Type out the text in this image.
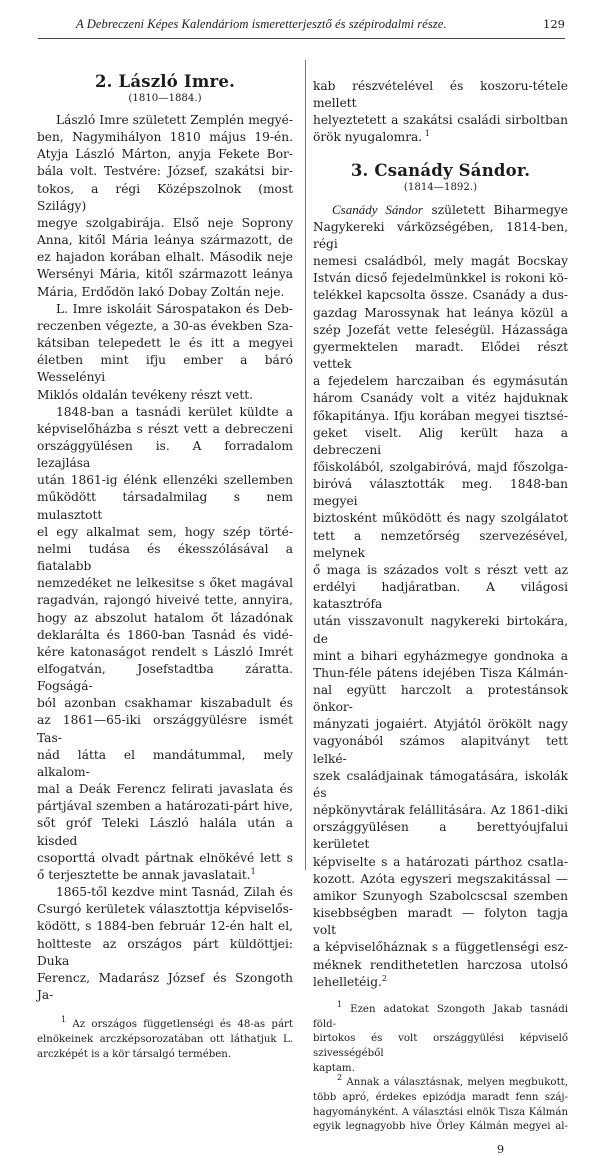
A Debreczeni Képes Kalendáriom ismeretterjesztő és szépirodalmi része.	129
2. László Imre.
(1810—1884.)

László Imre született Zemplén megyé-

ben, Nagymihályon 1810 május 19-én.

Atyja László Márton, anyja Fekete Bor-

bála volt. Testvére: József, szakátsi bir-

tokos, a régi Középszolnok (most Szilágy)

megye szolgabirája. Első neje Soprony

Anna, kitől Mária leánya származott, de

ez hajadon korában elhalt. Második neje

Wersényi Mária, kitől származott leánya

Mária, Erdődön lakó Dobay Zoltán neje.

L. Imre iskoláit Sárospatakon és Deb-

reczenben végezte, a 30-as években Sza-

kátsiban telepedett le és itt a megyei

életben mint ifju ember a báró Wesselényi

Miklós oldalán tevékeny részt vett.

1848-ban a tasnádi kerület küldte a

képviselőházba s részt vett a debreczeni

országgyülésen is. A forradalom lezajlása

után 1861-ig élénk ellenzéki szellemben

működött társadalmilag s nem mulasztott

el egy alkalmat sem, hogy szép törté-

nelmi tudása és ékesszólásával a fiatalabb

nemzedéket ne lelkesitse s őket magával

ragadván, rajongó hiveivé tette, annyira,

hogy az abszolut hatalom őt lázadónak

deklarálta és 1860-ban Tasnád és vidé-

kére katonaságot rendelt s László Imrét

elfogatván, Josefstadtba záratta. Fogságá-

ból azonban csakhamar kiszabadult és

az 1861—65-iki országgyülésre ismét Tas-

nád látta el mandátummal, mely alkalom-

mal a Deák Ferencz felirati javaslata és

pártjával szemben a határozati-párt hive,

sőt gróf Teleki László halála után a kisded

csoporttá olvadt pártnak elnökévé lett s

ő terjesztette be annak javaslatait.$^1$

1865-től kezdve mint Tasnád, Zilah és

Csurgó kerületek választottja képviselős-

ködött, s 1884-ben február 12-én halt el,

holtteste az országos párt küldöttjei: Duka

Ferencz, Madarász József és Szongoth Ja-

$^1$ Az országos függetlenségi és 48-as párt

elnökeinek arczképsorozatában ott láthatjuk L.

arczképét is a kör társalgó termében.

kab részvételével és koszoru-tétele mellett

helyeztetett a szakátsi családi sirboltban

örök nyugalomra. $^1$

3. Csanády Sándor.
(1814—1892.)

Csanády Sándor született Biharmegye

Nagykereki várközségében, 1814-ben, régi

nemesi családból, mely magát Bocskay

István dicső fejedelmünkkel is rokoni kö-

telékkel kapcsolta össze. Csanády a dus-

gazdag Marossynak hat leánya közül a

szép Jozefát vette feleségül. Házassága

gyermektelen maradt. Elődei részt vettek

a fejedelem harczaiban és egymásután

három Csanády volt a vitéz hajduknak

főkapitánya. Ifju korában megyei tisztsé-

geket viselt. Alig került haza a debreczeni

főiskolából, szolgabiróvá, majd főszolga-

biróvá választották meg. 1848-ban megyei

biztosként működött és nagy szolgálatot

tett a nemzetőrség szervezésével, melynek

ő maga is százados volt s részt vett az

erdélyi hadjáratban. A világosi katasztrófa

után visszavonult nagykereki birtokára, de

mint a bihari egyházmegye gondnoka a

Thun-féle pátens idejében Tisza Kálmán-

nal együtt harczolt a protestánsok önkor-

mányzati jogaiért. Atyjától örökölt nagy

vagyonából számos alapitványt tett lelké-

szek családjainak támogatására, iskolák és

népkönyvtárak felállitására. Az 1861-diki

országgyülésen a berettyóujfalui kerületet

képviselte s a határozati párthoz csatla-

kozott. Azóta egyszeri megszakitással —

amikor Szunyogh Szabolcscsal szemben

kisebbségben maradt — folyton tagja volt

a képviselőháznak s a függetlenségi esz-

méknek rendithetetlen harczosa utolsó

lehelletéig.$^2$

$^1$ Ezen adatokat Szongoth Jakab tasnádi föld-

birtokos és volt országgyülési képviselő szivességéből

kaptam.

$^2$ Annak a választásnak, melyen megbukott,

több apró, érdekes epizódja maradt fenn száj-

hagyományként. A választási elnök Tisza Kálmán

egyik legnagyobb hive Örley Kálmán megyei al-

9
